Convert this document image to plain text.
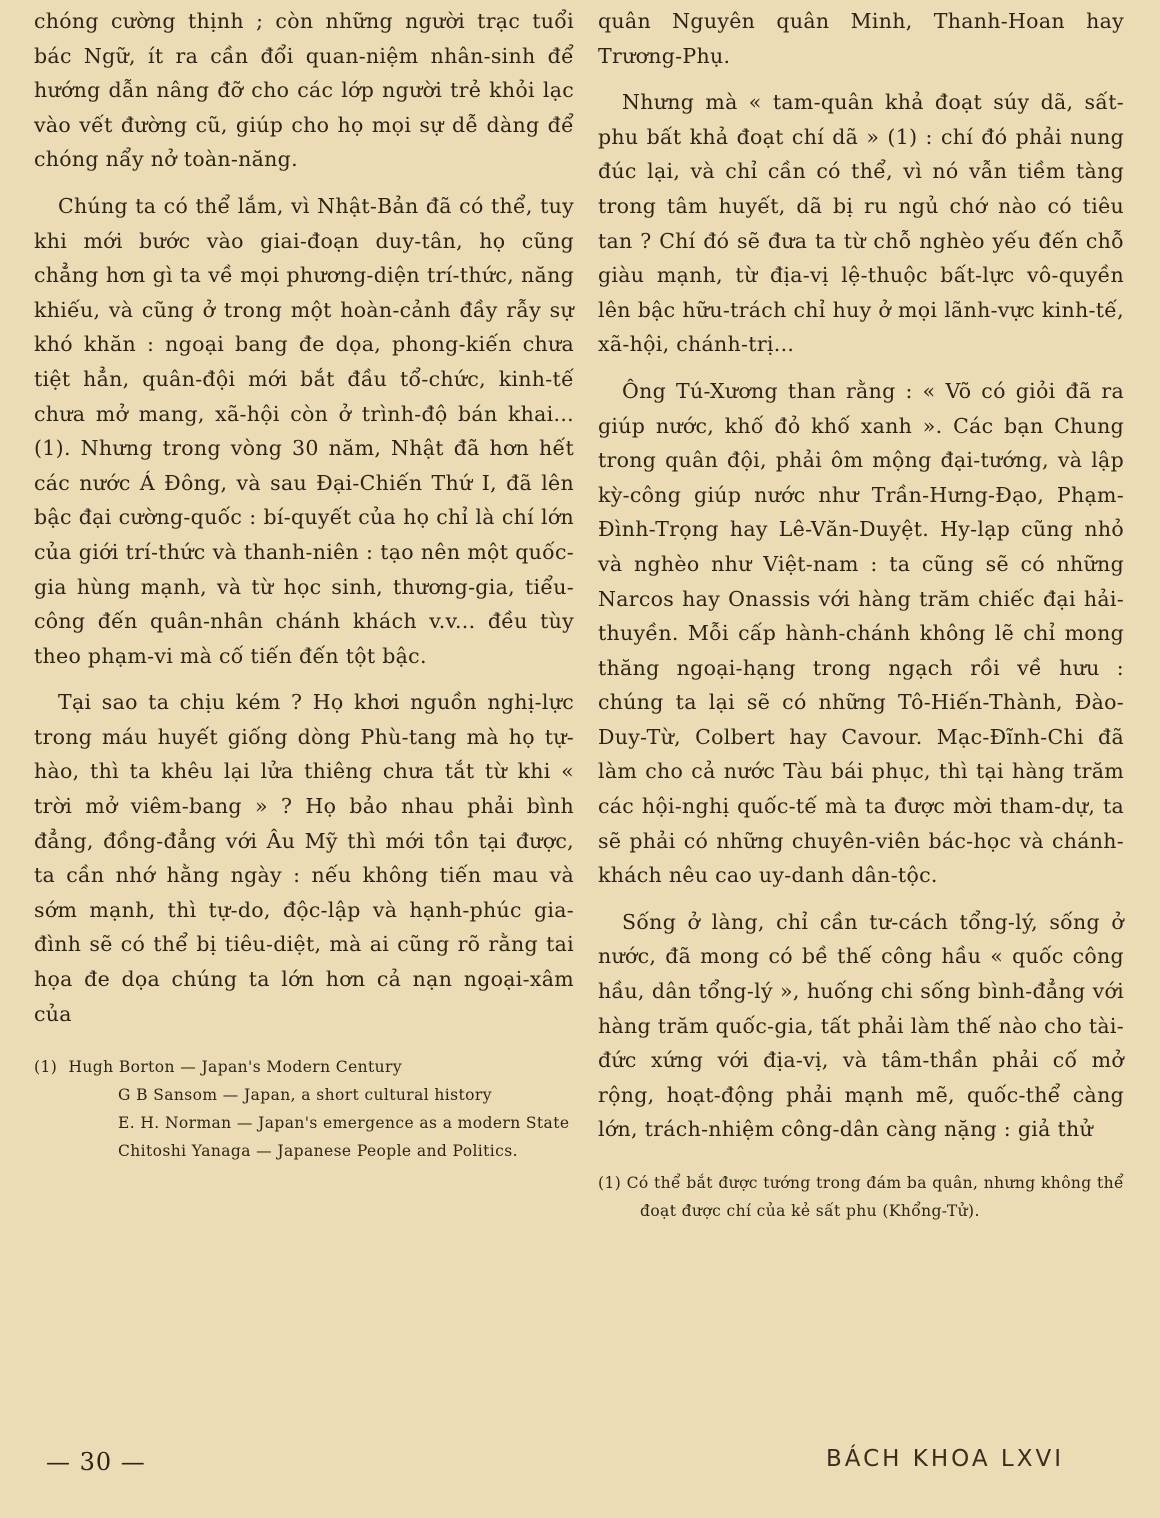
chóng cường thịnh ; còn những người trạc tuổi bác Ngữ, ít ra cần đổi quan-niệm nhân-sinh để hướng dẫn nâng đỡ cho các lớp người trẻ khỏi lạc vào vết đường cũ, giúp cho họ mọi sự dễ dàng để chóng nẩy nở toàn-năng.

Chúng ta có thể lắm, vì Nhật-Bản đã có thể, tuy khi mới bước vào giai-đoạn duy-tân, họ cũng chẳng hơn gì ta về mọi phương-diện trí-thức, năng khiếu, và cũng ở trong một hoàn-cảnh đầy rẫy sự khó khăn : ngoại bang đe dọa, phong-kiến chưa tiệt hẳn, quân-đội mới bắt đầu tổ-chức, kinh-tế chưa mở mang, xã-hội còn ở trình-độ bán khai... (1). Nhưng trong vòng 30 năm, Nhật đã hơn hết các nước Á Đông, và sau Đại-Chiến Thứ I, đã lên bậc đại cường-quốc : bí-quyết của họ chỉ là chí lớn của giới trí-thức và thanh-niên : tạo nên một quốc-gia hùng mạnh, và từ học sinh, thương-gia, tiểu-công đến quân-nhân chánh khách v.v... đều tùy theo phạm-vi mà cố tiến đến tột bậc.

Tại sao ta chịu kém ? Họ khơi nguồn nghị-lực trong máu huyết giống dòng Phù-tang mà họ tự-hào, thì ta khêu lại lửa thiêng chưa tắt từ khi « trời mở viêm-bang » ? Họ bảo nhau phải bình đẳng, đồng-đẳng với Âu Mỹ thì mới tồn tại được, ta cần nhớ hằng ngày : nếu không tiến mau và sớm mạnh, thì tự-do, độc-lập và hạnh-phúc gia-đình sẽ có thể bị tiêu-diệt, mà ai cũng rõ rằng tai họa đe dọa chúng ta lớn hơn cả nạn ngoại-xâm của

(1) Hugh Borton — Japan's Modern Century
G B Sansom — Japan, a short cultural history
E. H. Norman — Japan's emergence as a modern State
Chitoshi Yanaga — Japanese People and Politics.

quân Nguyên quân Minh, Thanh-Hoan hay Trương-Phụ.

Nhưng mà « tam-quân khả đoạt súy dã, sất-phu bất khả đoạt chí dã » (1) : chí đó phải nung đúc lại, và chỉ cần có thể, vì nó vẫn tiềm tàng trong tâm huyết, dã bị ru ngủ chớ nào có tiêu tan ? Chí đó sẽ đưa ta từ chỗ nghèo yếu đến chỗ giàu mạnh, từ địa-vị lệ-thuộc bất-lực vô-quyền lên bậc hữu-trách chỉ huy ở mọi lãnh-vực kinh-tế, xã-hội, chánh-trị...

Ông Tú-Xương than rằng : « Võ có giỏi đã ra giúp nước, khố đỏ khố xanh ». Các bạn Chung trong quân đội, phải ôm mộng đại-tướng, và lập kỳ-công giúp nước như Trần-Hưng-Đạo, Phạm-Đình-Trọng hay Lê-Văn-Duyệt. Hy-lạp cũng nhỏ và nghèo như Việt-nam : ta cũng sẽ có những Narcos hay Onassis với hàng trăm chiếc đại hải-thuyền. Mỗi cấp hành-chánh không lẽ chỉ mong thăng ngoại-hạng trong ngạch rồi về hưu : chúng ta lại sẽ có những Tô-Hiến-Thành, Đào-Duy-Từ, Colbert hay Cavour. Mạc-Đĩnh-Chi đã làm cho cả nước Tàu bái phục, thì tại hàng trăm các hội-nghị quốc-tế mà ta được mời tham-dự, ta sẽ phải có những chuyên-viên bác-học và chánh-khách nêu cao uy-danh dân-tộc.

Sống ở làng, chỉ cần tư-cách tổng-lý, sống ở nước, đã mong có bề thế công hầu « quốc công hầu, dân tổng-lý », huống chi sống bình-đẳng với hàng trăm quốc-gia, tất phải làm thế nào cho tài-đức xứng với địa-vị, và tâm-thần phải cố mở rộng, hoạt-động phải mạnh mẽ, quốc-thể càng lớn, trách-nhiệm công-dân càng nặng : giả thử

(1) Có thể bắt được tướng trong đám ba quân, nhưng không thể đoạt được chí của kẻ sất phu (Khổng-Tử).
— 30 —	BÁCH KHOA LXVI
